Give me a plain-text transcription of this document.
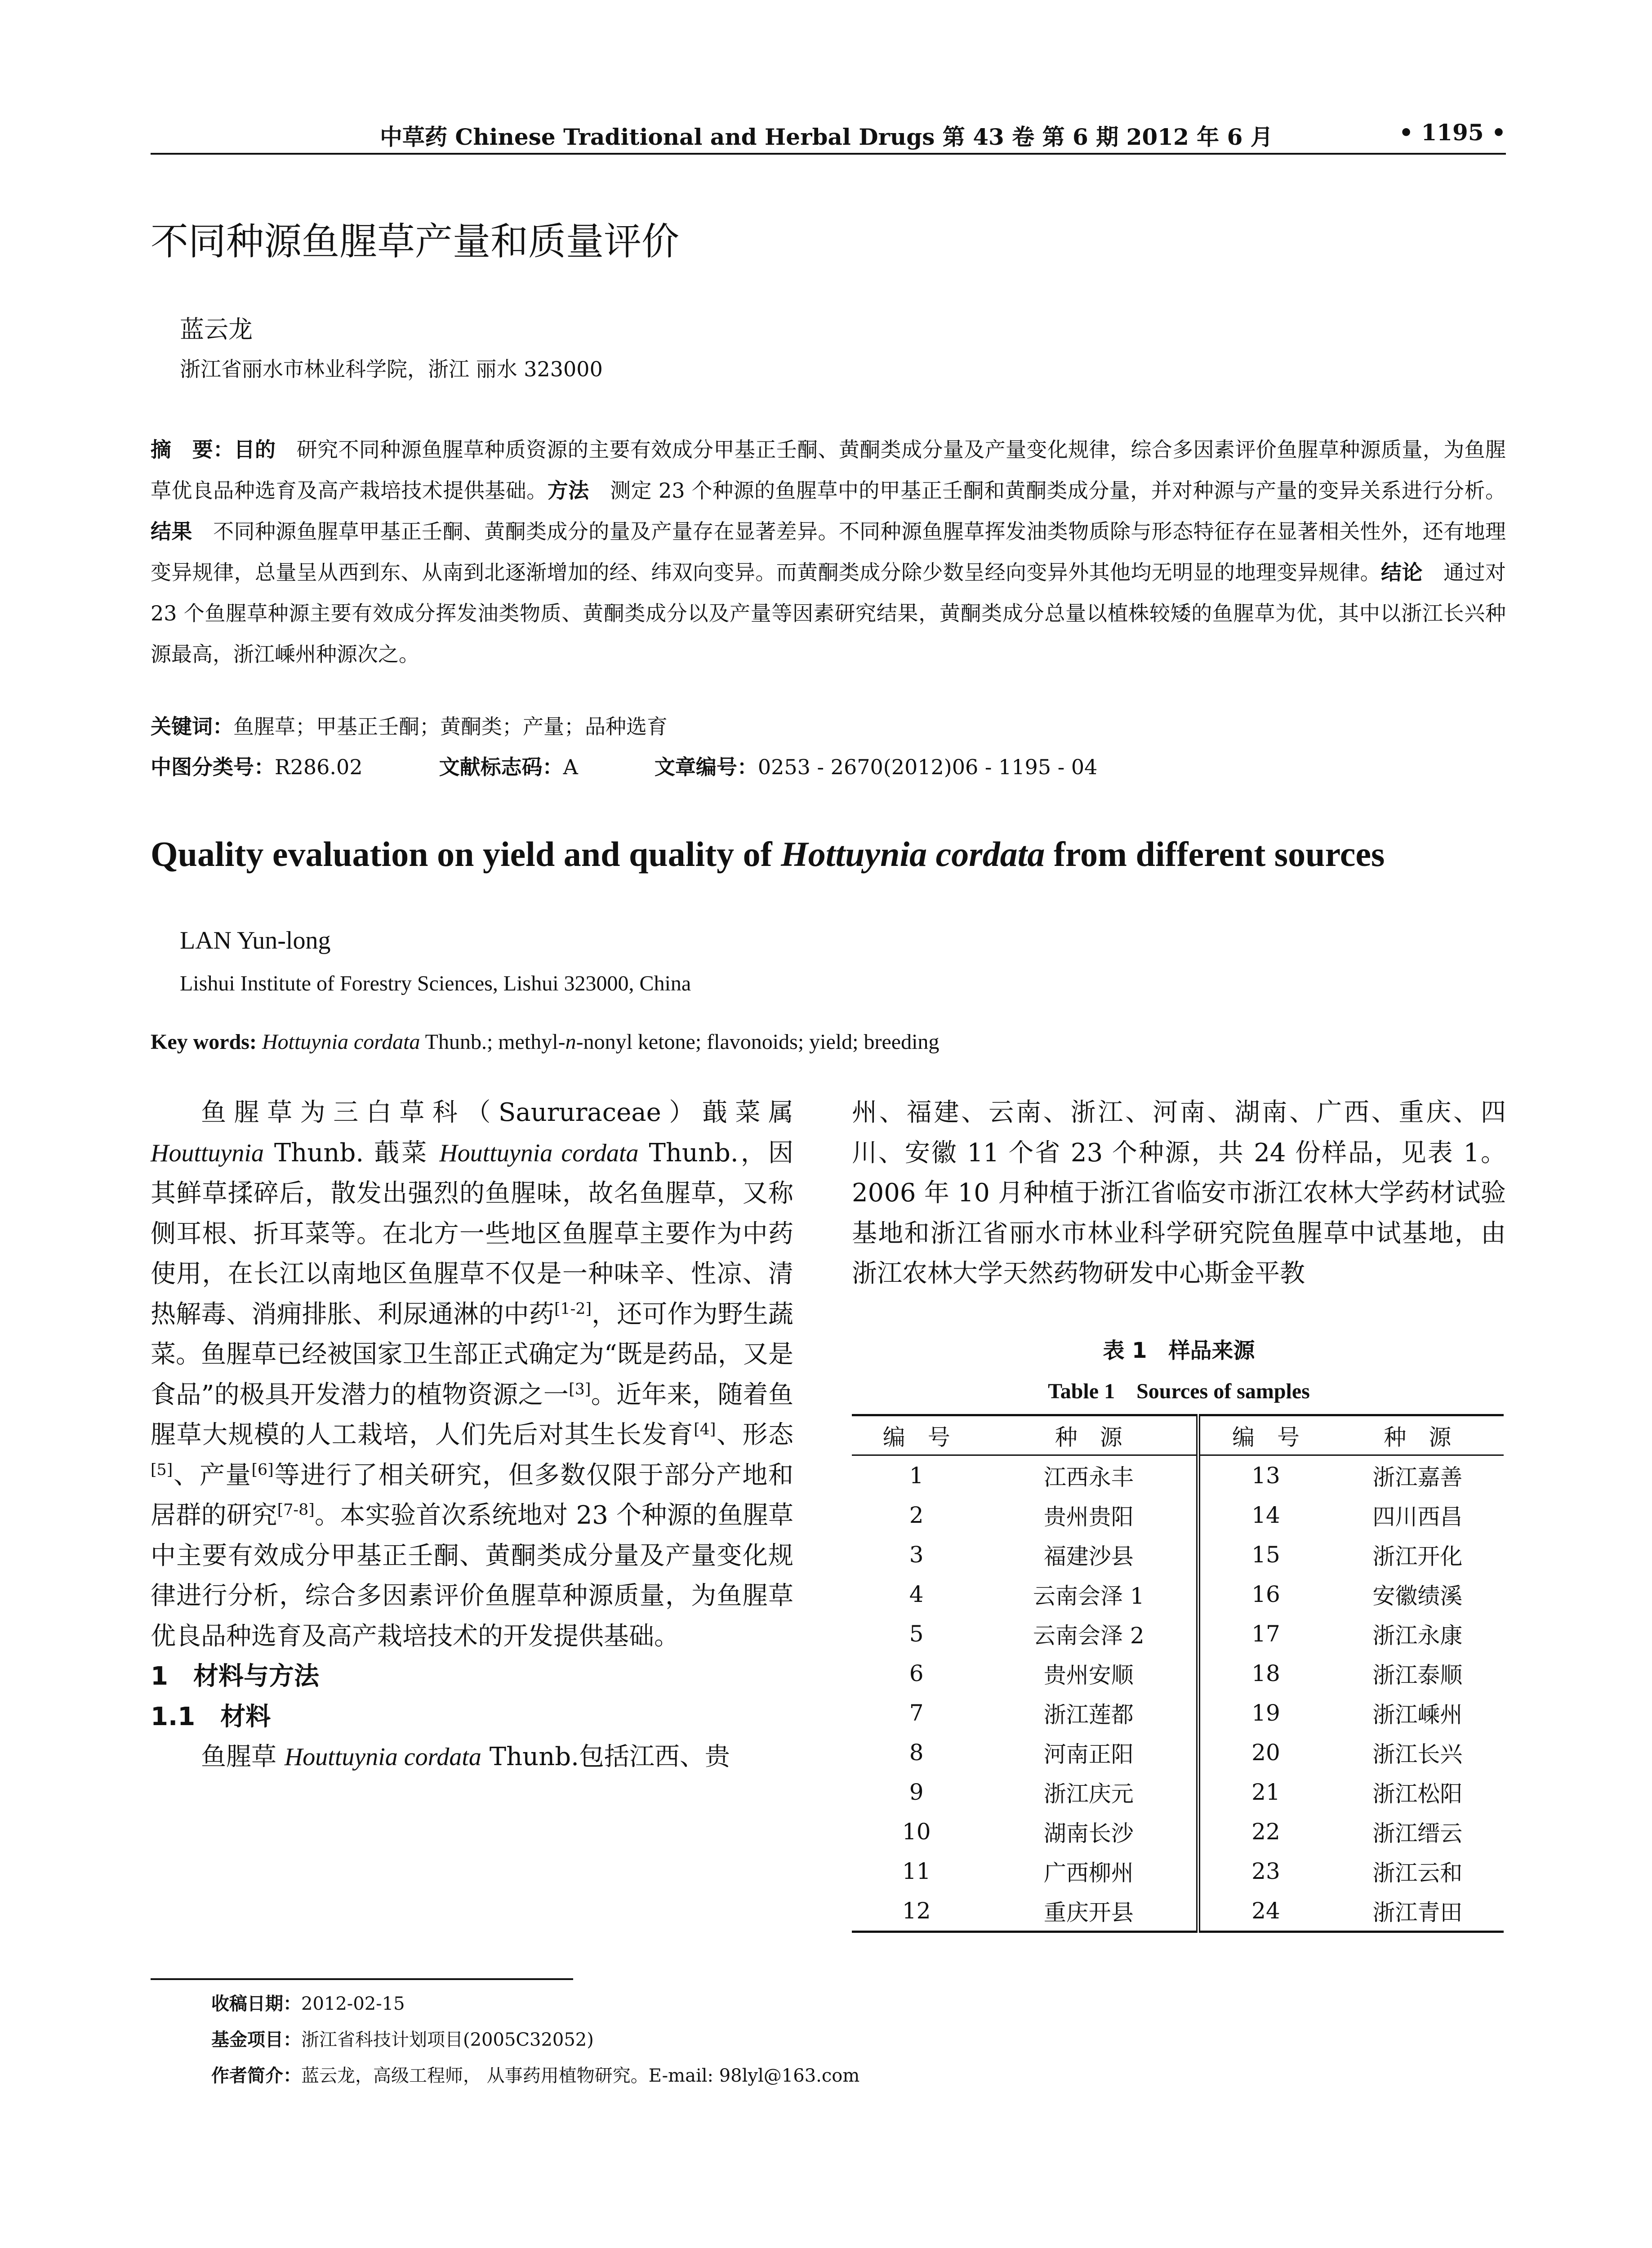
中草药 Chinese Traditional and Herbal Drugs 第 43 卷 第 6 期 2012 年 6 月	• 1195 •
不同种源鱼腥草产量和质量评价
蓝云龙
浙江省丽水市林业科学院，浙江 丽水 323000
摘　要：目的　研究不同种源鱼腥草种质资源的主要有效成分甲基正壬酮、黄酮类成分量及产量变化规律，综合多因素评价鱼腥草种源质量，为鱼腥草优良品种选育及高产栽培技术提供基础。方法　测定 23 个种源的鱼腥草中的甲基正壬酮和黄酮类成分量，并对种源与产量的变异关系进行分析。结果　不同种源鱼腥草甲基正壬酮、黄酮类成分的量及产量存在显著差异。不同种源鱼腥草挥发油类物质除与形态特征存在显著相关性外，还有地理变异规律，总量呈从西到东、从南到北逐渐增加的经、纬双向变异。而黄酮类成分除少数呈经向变异外其他均无明显的地理变异规律。结论　通过对 23 个鱼腥草种源主要有效成分挥发油类物质、黄酮类成分以及产量等因素研究结果，黄酮类成分总量以植株较矮的鱼腥草为优，其中以浙江长兴种源最高，浙江嵊州种源次之。
关键词：鱼腥草；甲基正壬酮；黄酮类；产量；品种选育
中图分类号：R286.02	文献标志码：A	文章编号：0253 - 2670(2012)06 - 1195 - 04
Quality evaluation on yield and quality of Hottuynia cordata from different sources
LAN Yun-long
Lishui Institute of Forestry Sciences, Lishui 323000, China
Key words: Hottuynia cordata Thunb.; methyl-n-nonyl ketone; flavonoids; yield; breeding

鱼腥草为三白草科（Saururaceae）蕺菜属 Houttuynia Thunb. 蕺菜 Houttuynia cordata Thunb.，因其鲜草揉碎后，散发出强烈的鱼腥味，故名鱼腥草，又称侧耳根、折耳菜等。在北方一些地区鱼腥草主要作为中药使用，在长江以南地区鱼腥草不仅是一种味辛、性凉、清热解毒、消痈排胀、利尿通淋的中药[1-2]，还可作为野生蔬菜。鱼腥草已经被国家卫生部正式确定为“既是药品，又是食品”的极具开发潜力的植物资源之一[3]。近年来，随着鱼腥草大规模的人工栽培，人们先后对其生长发育[4]、形态[5]、产量[6]等进行了相关研究，但多数仅限于部分产地和居群的研究[7-8]。本实验首次系统地对 23 个种源的鱼腥草中主要有效成分甲基正壬酮、黄酮类成分量及产量变化规律进行分析，综合多因素评价鱼腥草种源质量，为鱼腥草优良品种选育及高产栽培技术的开发提供基础。

1　材料与方法
1.1　材料

鱼腥草 Houttuynia cordata Thunb.包括江西、贵

州、福建、云南、浙江、河南、湖南、广西、重庆、四川、安徽 11 个省 23 个种源，共 24 份样品，见表 1。2006 年 10 月种植于浙江省临安市浙江农林大学药材试验基地和浙江省丽水市林业科学研究院鱼腥草中试基地，由浙江农林大学天然药物研发中心斯金平教

表 1　样品来源
Table 1　Sources of samples
编　号	种　源	编　号	种　源
1	江西永丰	13	浙江嘉善
2	贵州贵阳	14	四川西昌
3	福建沙县	15	浙江开化
4	云南会泽 1	16	安徽绩溪
5	云南会泽 2	17	浙江永康
6	贵州安顺	18	浙江泰顺
7	浙江莲都	19	浙江嵊州
8	河南正阳	20	浙江长兴
9	浙江庆元	21	浙江松阳
10	湖南长沙	22	浙江缙云
11	广西柳州	23	浙江云和
12	重庆开县	24	浙江青田
收稿日期：2012-02-15
基金项目：浙江省科技计划项目(2005C32052)
作者简介：蓝云龙，高级工程师， 从事药用植物研究。E-mail: 98lyl@163.com
